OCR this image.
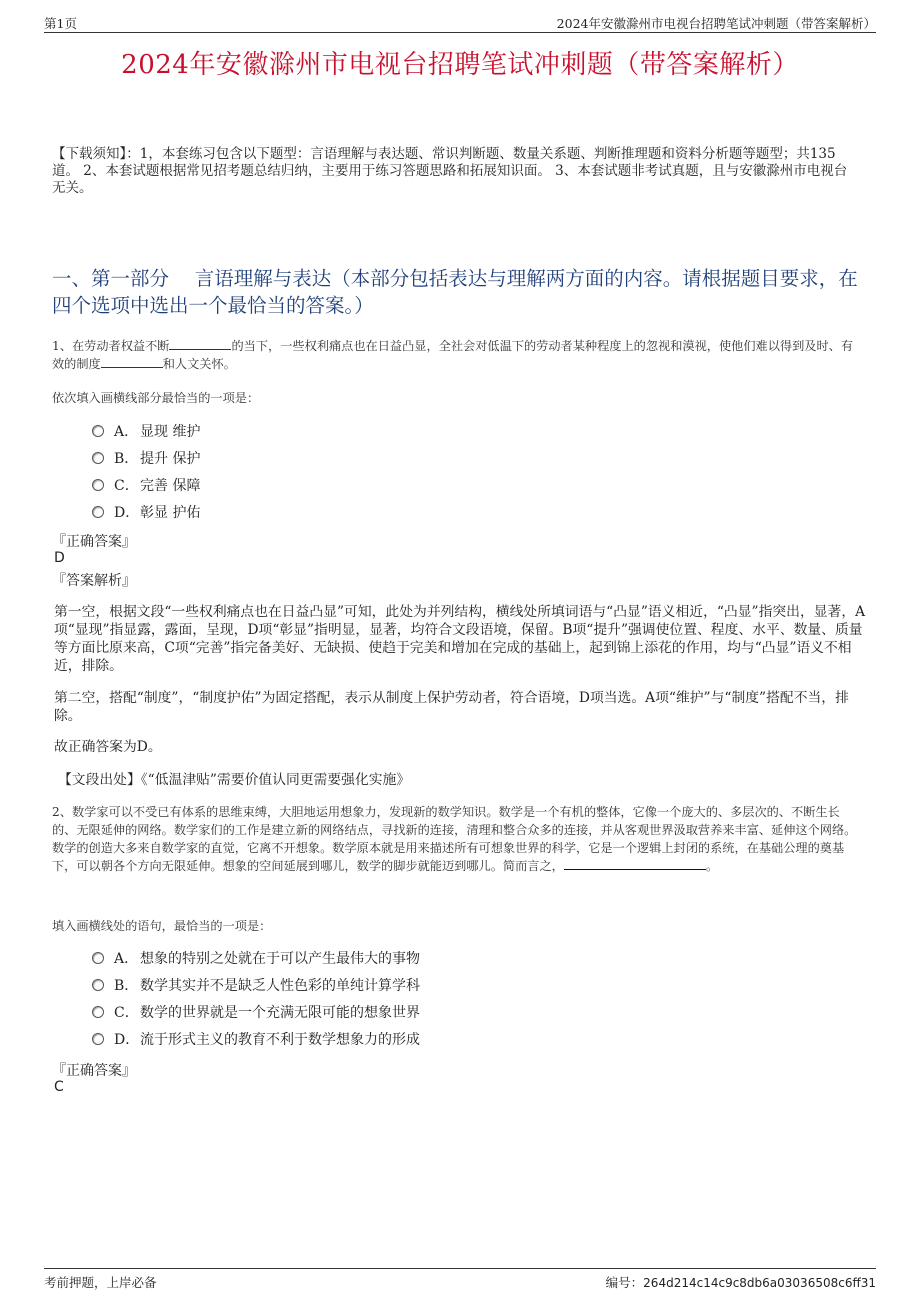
第1页	2024年安徽滁州市电视台招聘笔试冲刺题（带答案解析）
2024年安徽滁州市电视台招聘笔试冲刺题（带答案解析）
【下载须知】：1，本套练习包含以下题型：言语理解与表达题、常识判断题、数量关系题、判断推理题和资料分析题等题型；共135道。 2、本套试题根据常见招考题总结归纳，主要用于练习答题思路和拓展知识面。 3、本套试题非考试真题，且与安徽滁州市电视台无关。
一、第一部分　 言语理解与表达（本部分包括表达与理解两方面的内容。请根据题目要求，在四个选项中选出一个最恰当的答案。）
1、在劳动者权益不断	的当下，一些权利痛点也在日益凸显，全社会对低温下的劳动者某种程度上的忽视和漠视，使他们难以得到及时、有效的制度	和人文关怀。
依次填入画横线部分最恰当的一项是：
A． 显现 维护
B． 提升 保护
C．完善 保障
D．彰显 护佑
『正确答案』
D
『答案解析』
第一空，根据文段“一些权利痛点也在日益凸显”可知，此处为并列结构，横线处所填词语与“凸显”语义相近，“凸显”指突出，显著，A项“显现”指显露，露面，呈现，D项“彰显”指明显，显著，均符合文段语境，保留。B项“提升”强调使位置、程度、水平、数量、质量等方面比原来高，C项“完善”指完备美好、无缺损、使趋于完美和增加在完成的基础上，起到锦上添花的作用，均与“凸显”语义不相近，排除。
第二空，搭配“制度”，“制度护佑”为固定搭配，表示从制度上保护劳动者，符合语境，D项当选。A项“维护”与“制度”搭配不当，排除。
故正确答案为D。
【文段出处】《“低温津贴”需要价值认同更需要强化实施》
2、数学家可以不受已有体系的思维束缚，大胆地运用想象力，发现新的数学知识。数学是一个有机的整体，它像一个庞大的、多层次的、不断生长的、无限延伸的网络。数学家们的工作是建立新的网络结点，寻找新的连接，清理和整合众多的连接，并从客观世界汲取营养来丰富、延伸这个网络。数学的创造大多来自数学家的直觉，它离不开想象。数学原本就是用来描述所有可想象世界的科学，它是一个逻辑上封闭的系统，在基础公理的奠基下，可以朝各个方向无限延伸。想象的空间延展到哪儿，数学的脚步就能迈到哪儿。简而言之，	。
填入画横线处的语句，最恰当的一项是：
A． 想象的特别之处就在于可以产生最伟大的事物
B． 数学其实并不是缺乏人性色彩的单纯计算学科
C．数学的世界就是一个充满无限可能的想象世界
D．流于形式主义的教育不利于数学想象力的形成
『正确答案』
C
考前押题，上岸必备	编号：264d214c14c9c8db6a03036508c6ff31
